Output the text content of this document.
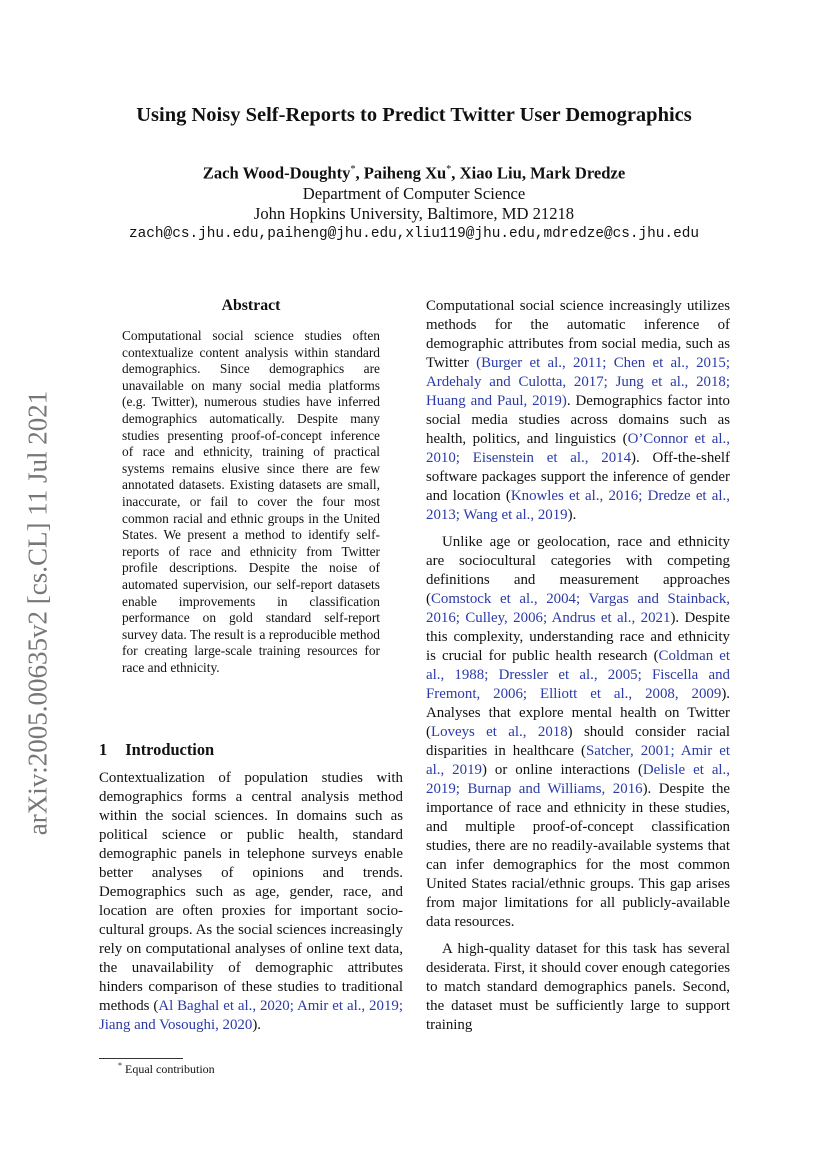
arXiv:2005.00635v2 [cs.CL] 11 Jul 2021
Using Noisy Self-Reports to Predict Twitter User Demographics
Zach Wood-Doughty*, Paiheng Xu*, Xiao Liu, Mark Dredze
Department of Computer Science
John Hopkins University, Baltimore, MD 21218
zach@cs.jhu.edu,paiheng@jhu.edu,xliu119@jhu.edu,mdredze@cs.jhu.edu
Abstract
Computational social science studies often contextualize content analysis within standard demographics. Since demographics are unavailable on many social media platforms (e.g. Twitter), numerous studies have inferred demographics automatically. Despite many studies presenting proof-of-concept inference of race and ethnicity, training of practical systems remains elusive since there are few annotated datasets. Existing datasets are small, inaccurate, or fail to cover the four most common racial and ethnic groups in the United States. We present a method to identify self-reports of race and ethnicity from Twitter profile descriptions. Despite the noise of automated supervision, our self-report datasets enable improvements in classification performance on gold standard self-report survey data. The result is a reproducible method for creating large-scale training resources for race and ethnicity.
1 Introduction

Contextualization of population studies with demographics forms a central analysis method within the social sciences. In domains such as political science or public health, standard demographic panels in telephone surveys enable better analyses of opinions and trends. Demographics such as age, gender, race, and location are often proxies for important socio-cultural groups. As the social sciences increasingly rely on computational analyses of online text data, the unavailability of demographic attributes hinders comparison of these studies to traditional methods (Al Baghal et al., 2020; Amir et al., 2019; Jiang and Vosoughi, 2020).

Computational social science increasingly utilizes methods for the automatic inference of demographic attributes from social media, such as Twitter (Burger et al., 2011; Chen et al., 2015; Ardehaly and Culotta, 2017; Jung et al., 2018; Huang and Paul, 2019). Demographics factor into social media studies across domains such as health, politics, and linguistics (O’Connor et al., 2010; Eisenstein et al., 2014). Off-the-shelf software packages support the inference of gender and location (Knowles et al., 2016; Dredze et al., 2013; Wang et al., 2019).

Unlike age or geolocation, race and ethnicity are sociocultural categories with competing definitions and measurement approaches (Comstock et al., 2004; Vargas and Stainback, 2016; Culley, 2006; Andrus et al., 2021). Despite this complexity, understanding race and ethnicity is crucial for public health research (Coldman et al., 1988; Dressler et al., 2005; Fiscella and Fremont, 2006; Elliott et al., 2008, 2009). Analyses that explore mental health on Twitter (Loveys et al., 2018) should consider racial disparities in healthcare (Satcher, 2001; Amir et al., 2019) or online interactions (Delisle et al., 2019; Burnap and Williams, 2016). Despite the importance of race and ethnicity in these studies, and multiple proof-of-concept classification studies, there are no readily-available systems that can infer demographics for the most common United States racial/ethnic groups. This gap arises from major limitations for all publicly-available data resources.

A high-quality dataset for this task has several desiderata. First, it should cover enough categories to match standard demographics panels. Second, the dataset must be sufficiently large to support training

* Equal contribution
